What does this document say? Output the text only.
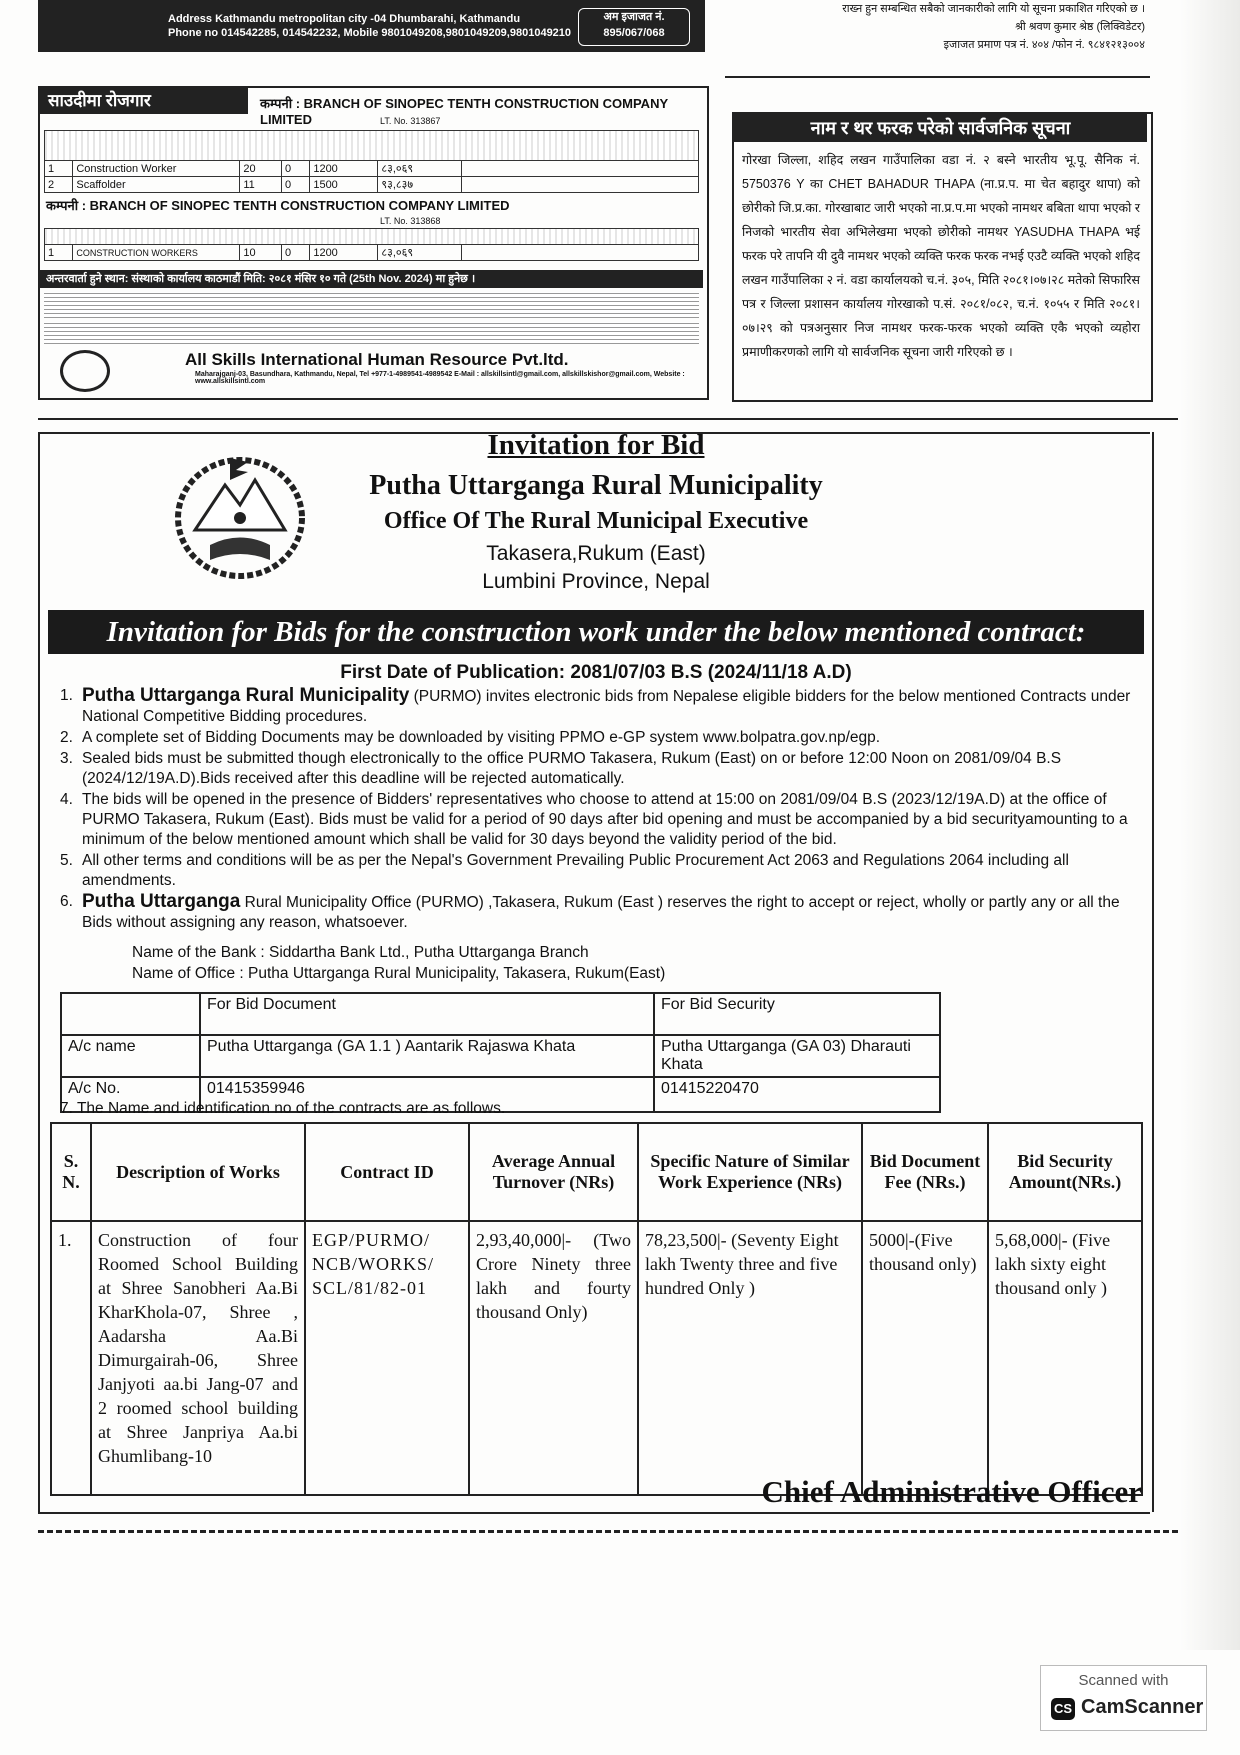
Address Kathmandu metropolitan city -04 Dhumbarahi, Kathmandu
Phone no 014542285, 014542232, Mobile 9801049208,9801049209,9801049210
अम इजाजत नं.
895/067/068
राख्न हुन सम्बन्धित सबैको जानकारीको लागि यो सूचना प्रकाशित गरिएको छ ।
श्री श्रवण कुमार श्रेष्ठ (लिक्विडेटर)
इजाजत प्रमाण पत्र नं. ४०४ /फोन नं. ९८४१२१३००४
साउदीमा रोजगार	कम्पनी : BRANCH OF SINOPEC TENTH CONSTRUCTION COMPANY LIMITED	LT. No. 313867

1	Construction Worker	20	0	1200	८३,०६९	
2	Scaffolder	11	0	1500	९३,८३७	
कम्पनी : BRANCH OF SINOPEC TENTH CONSTRUCTION COMPANY LIMITED
LT. No. 313868

1	CONSTRUCTION WORKERS	10	0	1200	८३,०६९	
अन्तरवार्ता हुने स्थान: संस्थाको कार्यालय काठमाडौं मिति: २०८१ मंसिर १० गते (25th Nov. 2024) मा हुनेछ ।
All Skills International Human Resource Pvt.ltd.
Maharajganj-03, Basundhara, Kathmandu, Nepal, Tel +977-1-4989541-4989542 E-Mail : allskillsintl@gmail.com, allskillskishor@gmail.com, Website : www.allskillsintl.com
नाम र थर फरक परेको सार्वजनिक सूचना
गोरखा जिल्ला, शहिद लखन गाउँपालिका वडा नं. २ बस्ने भारतीय भू.पू. सैनिक नं. 5750376 Y का CHET BAHADUR THAPA (ना.प्र.प. मा चेत बहादुर थापा) को छोरीको जि.प्र.का. गोरखाबाट जारी भएको ना.प्र.प.मा भएको नामथर बबिता थापा भएको र निजको भारतीय सेवा अभिलेखमा भएको छोरीको नामथर YASUDHA THAPA भई फरक परे तापनि यी दुवै नामथर भएको व्यक्ति फरक फरक नभई एउटै व्यक्ति भएको शहिद लखन गाउँपालिका २ नं. वडा कार्यालयको च.नं. ३०५, मिति २०८१।०७।२८ मतेको सिफारिस पत्र र जिल्ला प्रशासन कार्यालय गोरखाको प.सं. २०८१/०८२, च.नं. १०५५ र मिति २०८१।०७।२९ को पत्रअनुसार निज नामथर फरक-फरक भएको व्यक्ति एकै भएको व्यहोरा प्रमाणीकरणको लागि यो सार्वजनिक सूचना जारी गरिएको छ ।
Invitation for Bid
Putha Uttarganga Rural Municipality
Office Of The Rural Municipal Executive
Takasera,Rukum (East)
Lumbini Province, Nepal
Invitation for Bids for the construction work under the below mentioned contract:
First Date of Publication: 2081/07/03 B.S (2024/11/18 A.D)
1. Putha Uttarganga Rural Municipality (PURMO) invites electronic bids from Nepalese eligible bidders for the below mentioned Contracts under National Competitive Bidding procedures.
2. A complete set of Bidding Documents may be downloaded by visiting PPMO e-GP system www.bolpatra.gov.np/egp.
3. Sealed bids must be submitted though electronically to the office PURMO Takasera, Rukum (East) on or before 12:00 Noon on 2081/09/04 B.S (2024/12/19A.D).Bids received after this deadline will be rejected automatically.
4. The bids will be opened in the presence of Bidders' representatives who choose to attend at 15:00 on 2081/09/04 B.S (2023/12/19A.D) at the office of PURMO Takasera, Rukum (East). Bids must be valid for a period of 90 days after bid opening and must be accompanied by a bid securityamounting to a minimum of the below mentioned amount which shall be valid for 30 days beyond the validity period of the bid.
5. All other terms and conditions will be as per the Nepal's Government Prevailing Public Procurement Act 2063 and Regulations 2064 including all amendments.
6. Putha Uttarganga Rural Municipality Office (PURMO) ,Takasera, Rukum (East ) reserves the right to accept or reject, wholly or partly any or all the Bids without assigning any reason, whatsoever.
Name of the Bank : Siddartha Bank Ltd., Putha Uttarganga Branch
Name of Office : Putha Uttarganga Rural Municipality, Takasera, Rukum(East)
	For Bid Document	For Bid Security
A/c name	Putha Uttarganga (GA 1.1 ) Aantarik Rajaswa Khata	Putha Uttarganga (GA 03) Dharauti Khata
A/c No.	01415359946	01415220470
7. The Name and identification no of the contracts are as follows.
S. N.	Description of Works	Contract ID	Average Annual Turnover (NRs)	Specific Nature of Similar Work Experience (NRs)	Bid Document Fee (NRs.)	Bid Security Amount(NRs.)
1.	Construction of four Roomed School Building at Shree Sanobheri Aa.Bi KharKhola-07, Shree , Aadarsha Aa.Bi Dimurgairah-06, Shree Janjyoti aa.bi Jang-07 and 2 roomed school building at Shree Janpriya Aa.bi Ghumlibang-10	EGP/PURMO/ NCB/WORKS/ SCL/81/82-01	2,93,40,000|- (Two Crore Ninety three lakh and fourty thousand Only)	78,23,500|- (Seventy Eight lakh Twenty three and five hundred Only )	5000|-(Five thousand only)	5,68,000|- (Five lakh sixty eight thousand only )
Chief Administrative Officer
Scanned with
CS CamScanner
